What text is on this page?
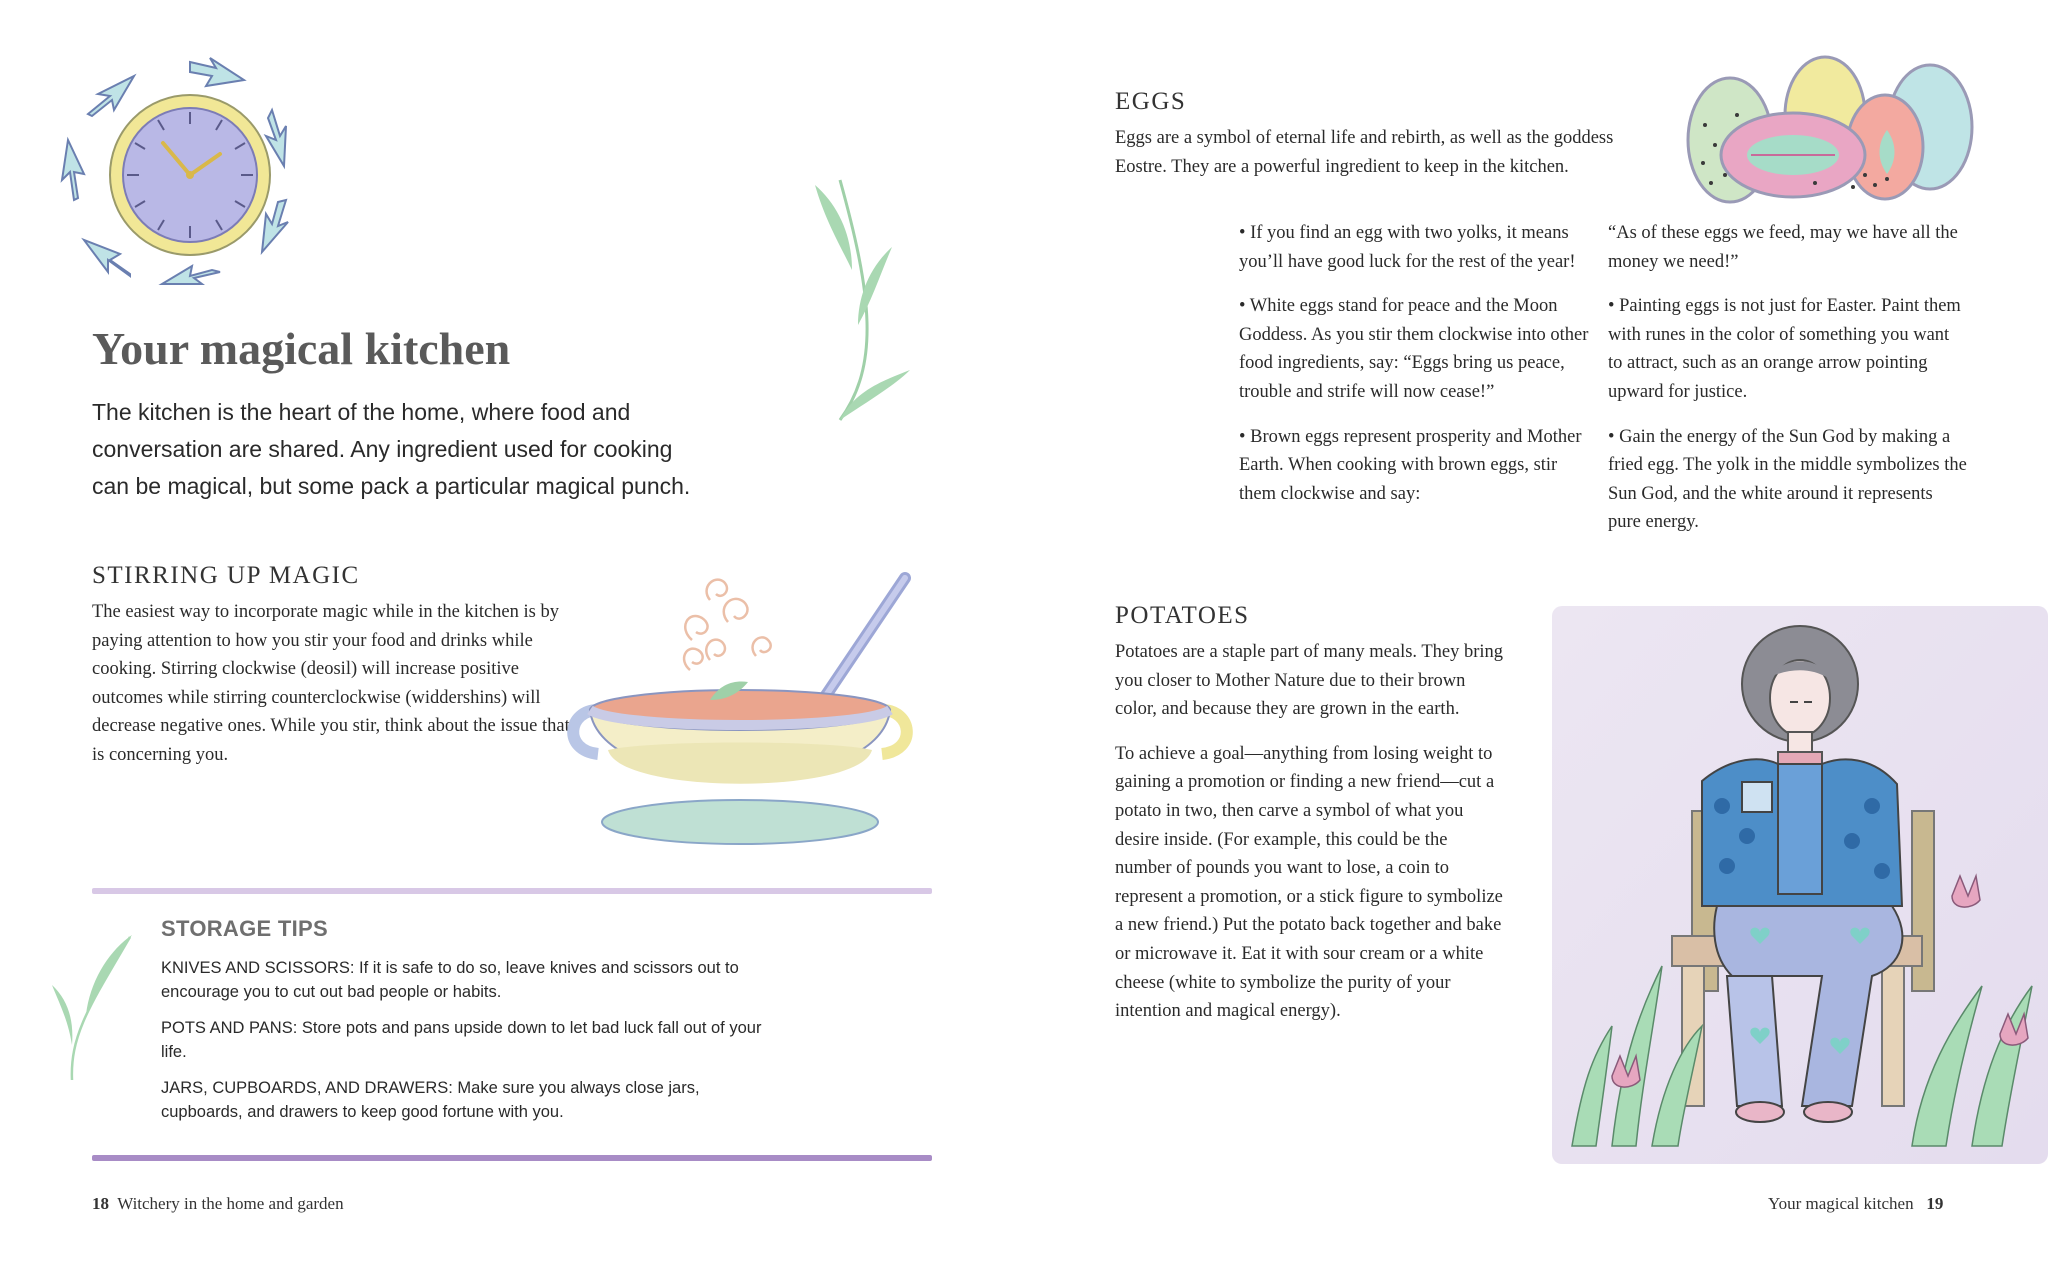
Your magical kitchen

The kitchen is the heart of the home, where food and conversation are shared. Any ingredient used for cooking can be magical, but some pack a particular magical punch.

STIRRING UP MAGIC

The easiest way to incorporate magic while in the kitchen is by paying attention to how you stir your food and drinks while cooking. Stirring clockwise (deosil) will increase positive outcomes while stirring counterclockwise (widdershins) will decrease negative ones. While you stir, think about the issue that is concerning you.

STORAGE TIPS

KNIVES AND SCISSORS: If it is safe to do so, leave knives and scissors out to encourage you to cut out bad people or habits.

POTS AND PANS: Store pots and pans upside down to let bad luck fall out of your life.

JARS, CUPBOARDS, AND DRAWERS: Make sure you always close jars, cupboards, and drawers to keep good fortune with you.

18 Witchery in the home and garden
EGGS

Eggs are a symbol of eternal life and rebirth, as well as the goddess Eostre. They are a powerful ingredient to keep in the kitchen.

• If you find an egg with two yolks, it means you’ll have good luck for the rest of the year!

• White eggs stand for peace and the Moon Goddess. As you stir them clockwise into other food ingredients, say: “Eggs bring us peace, trouble and strife will now cease!”

• Brown eggs represent prosperity and Mother Earth. When cooking with brown eggs, stir them clockwise and say:

“As of these eggs we feed, may we have all the money we need!”

• Painting eggs is not just for Easter. Paint them with runes in the color of something you want to attract, such as an orange arrow pointing upward for justice.

• Gain the energy of the Sun God by making a fried egg. The yolk in the middle symbolizes the Sun God, and the white around it represents pure energy.

POTATOES

Potatoes are a staple part of many meals. They bring you closer to Mother Nature due to their brown color, and because they are grown in the earth.

To achieve a goal—anything from losing weight to gaining a promotion or finding a new friend—cut a potato in two, then carve a symbol of what you desire inside. (For example, this could be the number of pounds you want to lose, a coin to represent a promotion, or a stick figure to symbolize a new friend.) Put the potato back together and bake or microwave it. Eat it with sour cream or a white cheese (white to symbolize the purity of your intention and magical energy).

Your magical kitchen 19
